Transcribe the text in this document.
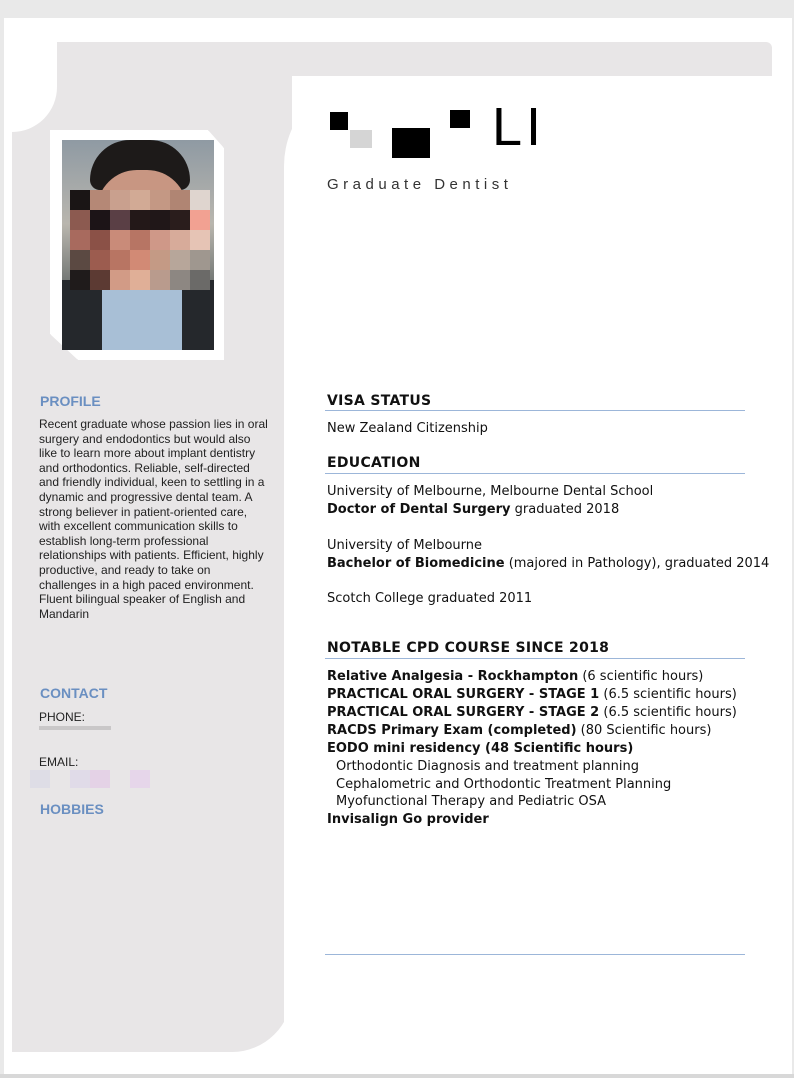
LI
Graduate Dentist
PROFILE
Recent graduate whose passion lies in oral surgery and endodontics but would also like to learn more about implant dentistry and orthodontics. Reliable, self-directed and friendly individual, keen to settling in a dynamic and progressive dental team. A strong believer in patient-oriented care, with excellent communication skills to establish long-term professional relationships with patients. Efficient, highly productive, and ready to take on challenges in a high paced environment. Fluent bilingual speaker of English and Mandarin
CONTACT
PHONE:
EMAIL:
HOBBIES
VISA STATUS
New Zealand Citizenship
EDUCATION
University of Melbourne, Melbourne Dental School
Doctor of Dental Surgery graduated 2018
University of Melbourne
Bachelor of Biomedicine (majored in Pathology), graduated 2014
Scotch College graduated 2011
NOTABLE CPD COURSE SINCE 2018
Relative Analgesia - Rockhampton (6 scientific hours)
PRACTICAL ORAL SURGERY - STAGE 1 (6.5 scientific hours)
PRACTICAL ORAL SURGERY - STAGE 2 (6.5 scientific hours)
RACDS Primary Exam (completed) (80 Scientific hours)
EODO mini residency (48 Scientific hours)
Orthodontic Diagnosis and treatment planning
Cephalometric and Orthodontic Treatment Planning
Myofunctional Therapy and Pediatric OSA
Invisalign Go provider
